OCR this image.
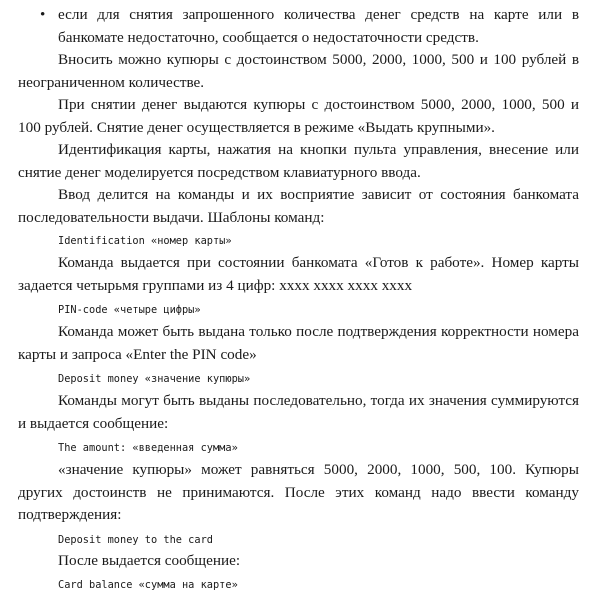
• если для снятия запрошенного количества денег средств на карте или в банкомате недостаточно, сообщается о недостаточности средств.

Вносить можно купюры с достоинством 5000, 2000, 1000, 500 и 100 рублей в неограниченном количестве.

При снятии денег выдаются купюры с достоинством 5000, 2000, 1000, 500 и 100 рублей. Снятие денег осуществляется в режиме «Выдать крупными».

Идентификация карты, нажатия на кнопки пульта управления, внесение или снятие денег моделируется посредством клавиатурного ввода.

Ввод делится на команды и их восприятие зависит от состояния банкомата последовательности выдачи. Шаблоны команд:

Identification «номер карты»

Команда выдается при состоянии банкомата «Готов к работе». Номер карты задается четырьмя группами из 4 цифр: xxxx xxxx xxxx xxxx

PIN-code «четыре цифры»

Команда может быть выдана только после подтверждения корректности номера карты и запроса «Enter the PIN code»

Deposit money «значение купюры»

Команды могут быть выданы последовательно, тогда их значения суммируются и выдается сообщение:

The amount: «введенная сумма»

«значение купюры» может равняться 5000, 2000, 1000, 500, 100. Купюры других достоинств не принимаются. После этих команд надо ввести команду подтверждения:

Deposit money to the card

После выдается сообщение:

Card balance «сумма на карте»
